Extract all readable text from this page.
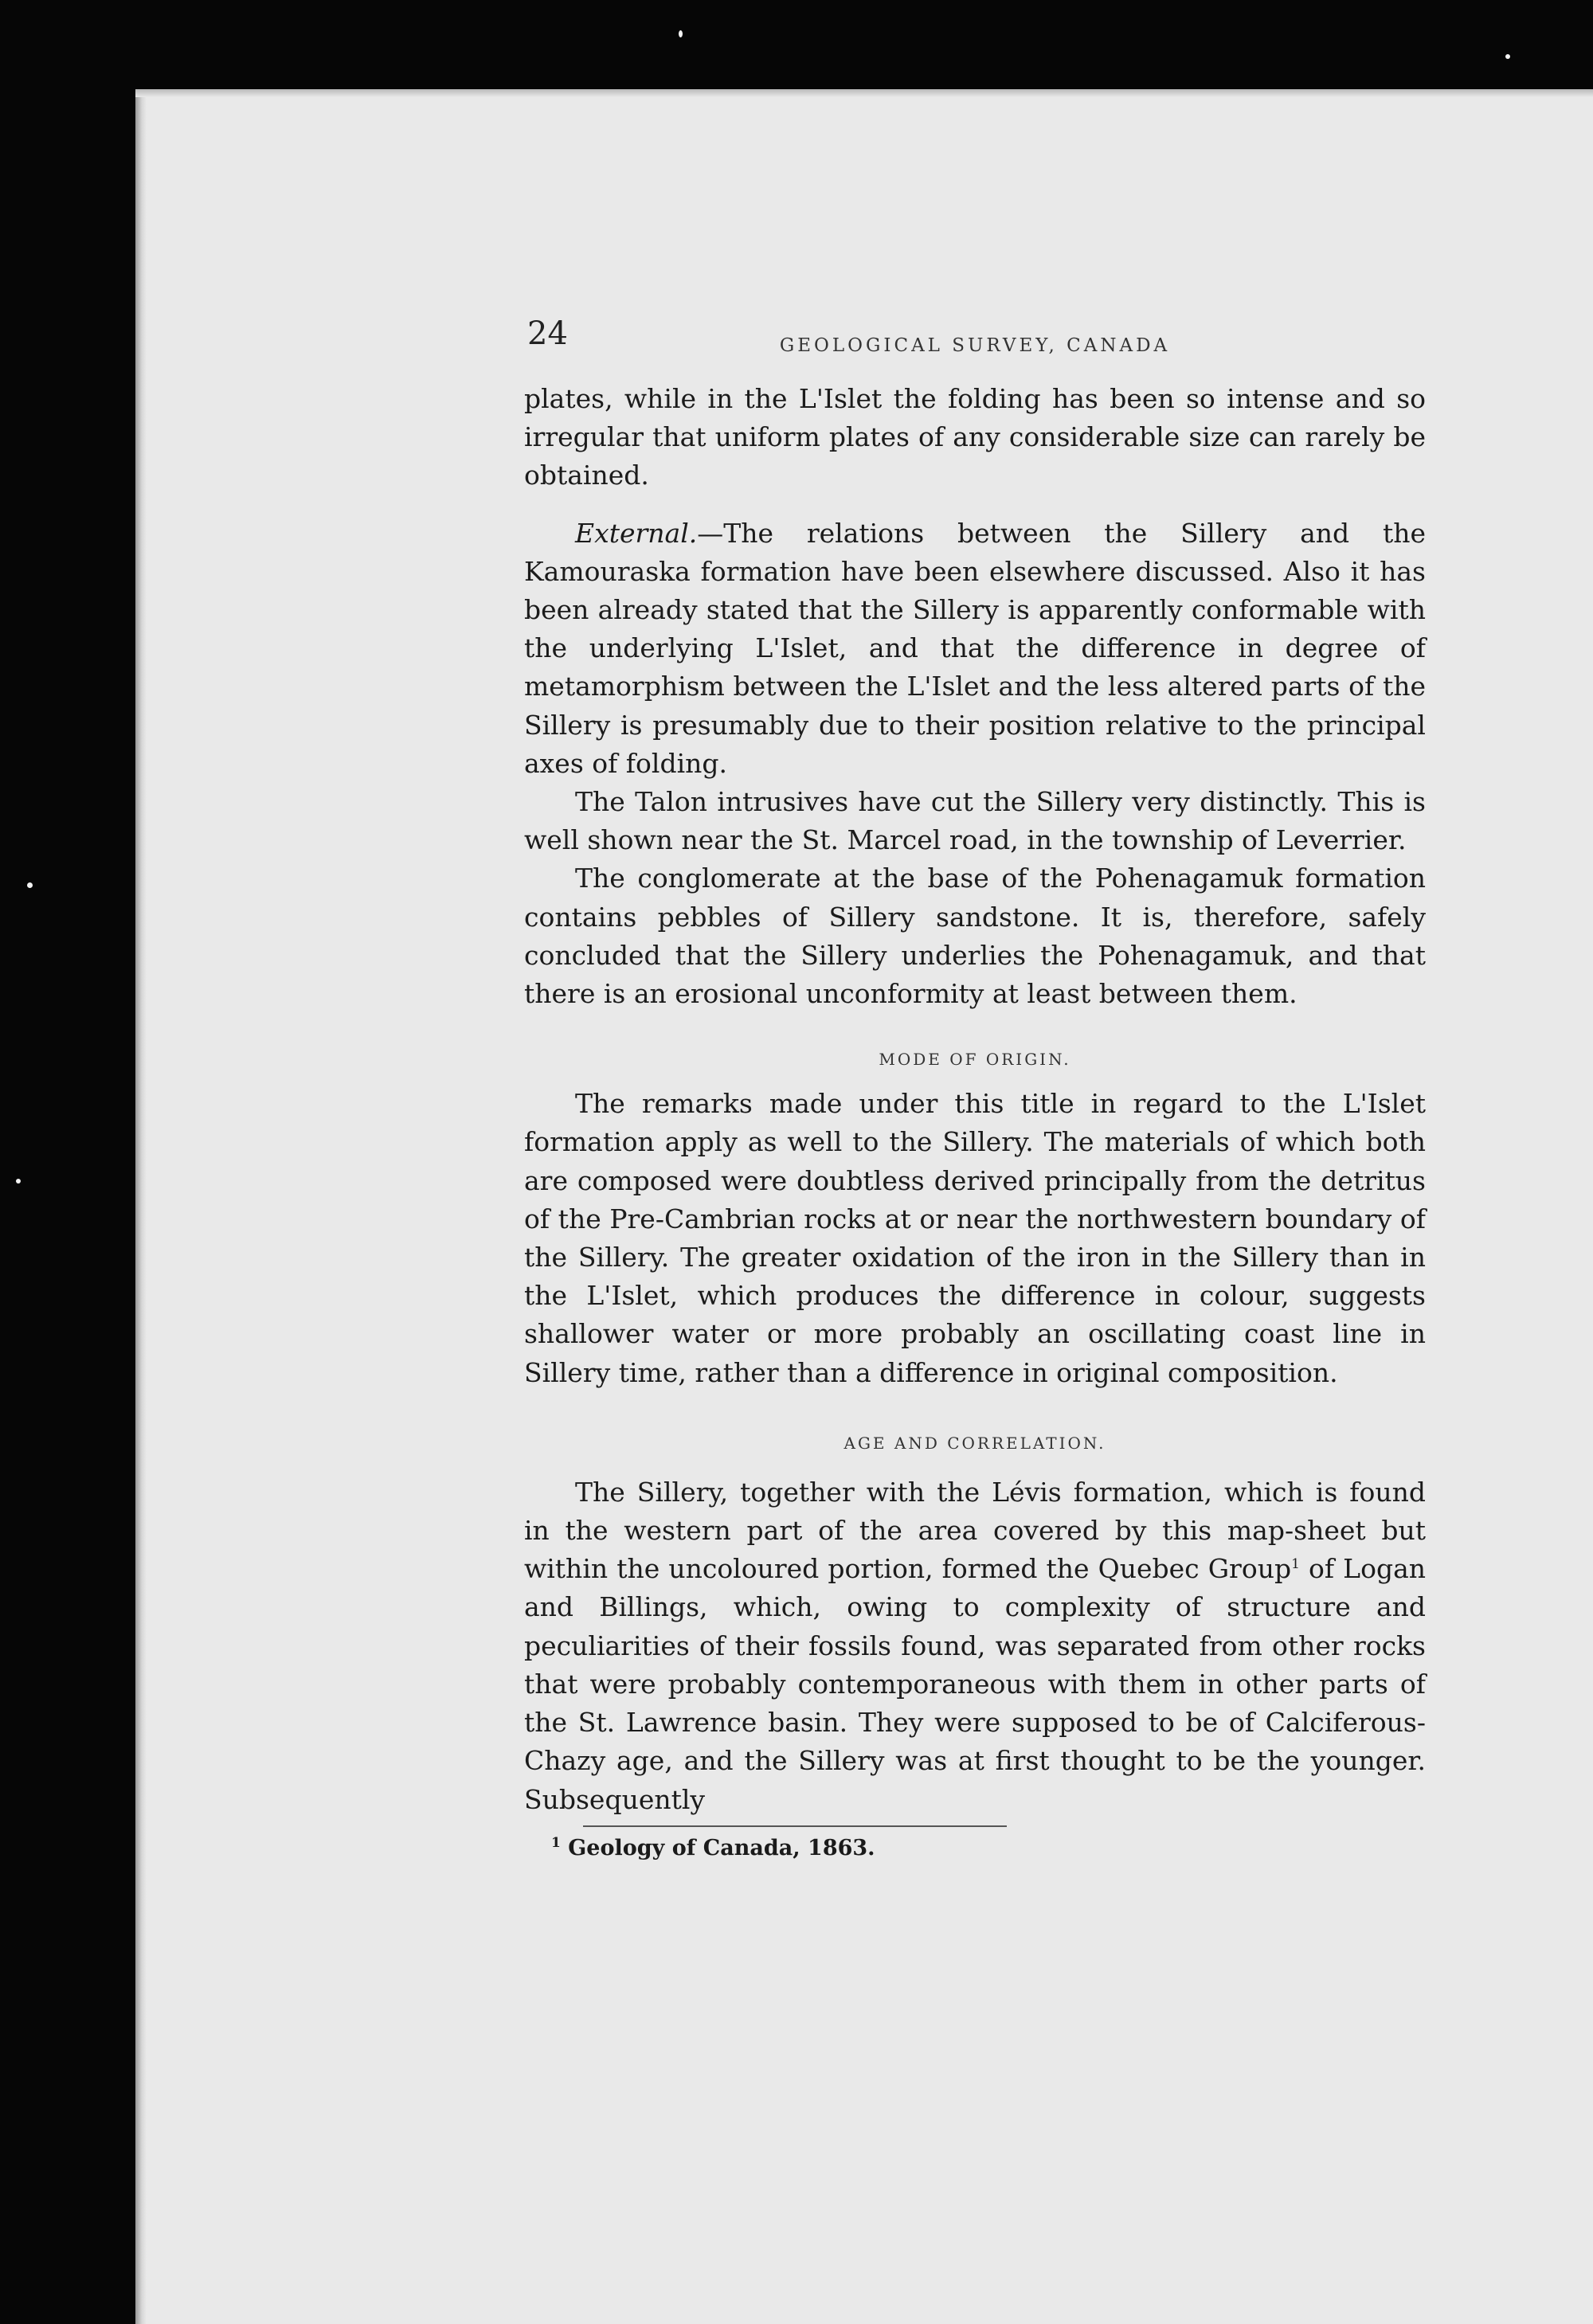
24	GEOLOGICAL SURVEY, CANADA

plates, while in the L'Islet the folding has been so intense and so irregular that uniform plates of any considerable size can rarely be obtained.

External.—The relations between the Sillery and the Kamouraska formation have been elsewhere discussed. Also it has been already stated that the Sillery is apparently conformable with the underlying L'Islet, and that the difference in degree of metamorphism between the L'Islet and the less altered parts of the Sillery is presumably due to their position relative to the principal axes of folding.

The Talon intrusives have cut the Sillery very distinctly. This is well shown near the St. Marcel road, in the township of Leverrier.

The conglomerate at the base of the Pohenagamuk formation contains pebbles of Sillery sandstone. It is, therefore, safely concluded that the Sillery underlies the Pohenagamuk, and that there is an erosional unconformity at least between them.

MODE OF ORIGIN.

The remarks made under this title in regard to the L'Islet formation apply as well to the Sillery. The materials of which both are composed were doubtless derived principally from the detritus of the Pre-Cambrian rocks at or near the northwestern boundary of the Sillery. The greater oxidation of the iron in the Sillery than in the L'Islet, which produces the difference in colour, suggests shallower water or more probably an oscillating coast line in Sillery time, rather than a difference in original composition.

AGE AND CORRELATION.

The Sillery, together with the Lévis formation, which is found in the western part of the area covered by this map-sheet but within the uncoloured portion, formed the Quebec Group$^1$ of Logan and Billings, which, owing to complexity of structure and peculiarities of their fossils found, was separated from other rocks that were probably contemporaneous with them in other parts of the St. Lawrence basin. They were supposed to be of Calciferous-Chazy age, and the Sillery was at first thought to be the younger. Subsequently

$^1$ Geology of Canada, 1863.
